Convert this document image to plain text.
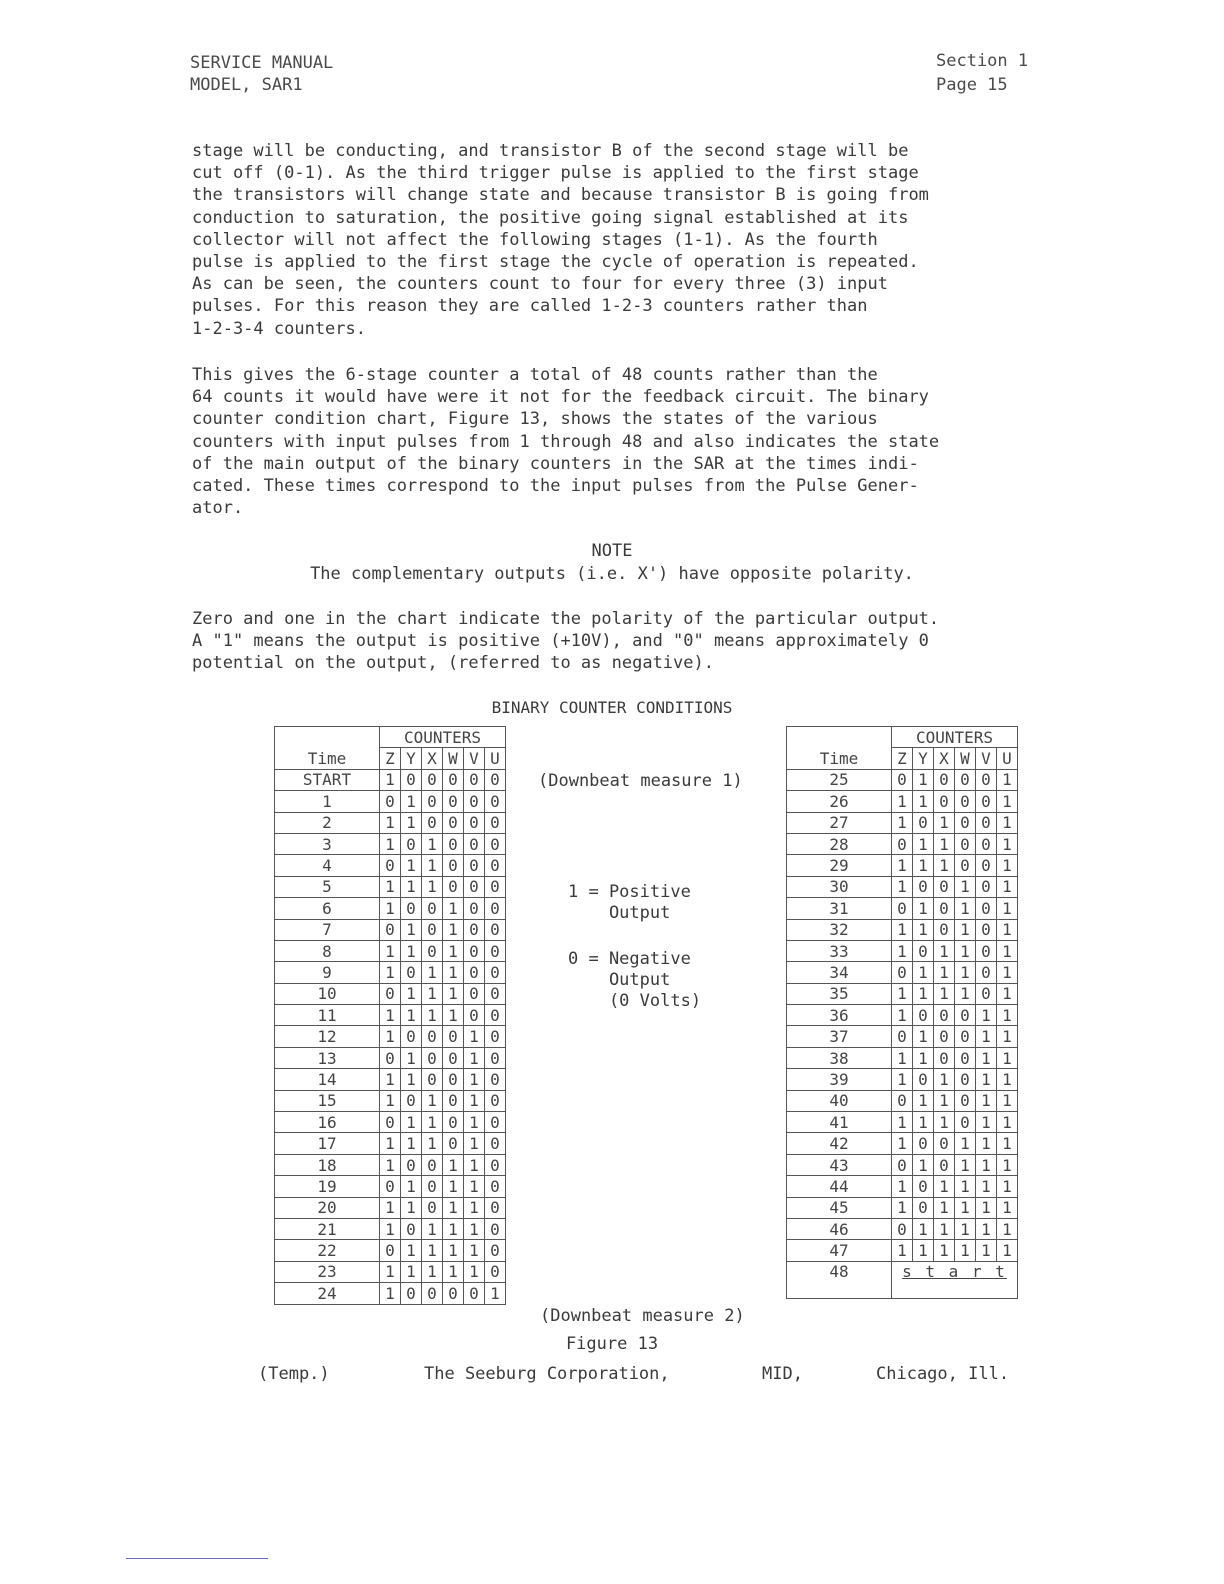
SERVICE MANUAL
MODEL, SAR1
Section 1
Page 15
stage will be conducting, and transistor B of the second stage will be
cut off (0-1). As the third trigger pulse is applied to the first stage
the transistors will change state and because transistor B is going from
conduction to saturation, the positive going signal established at its
collector will not affect the following stages (1-1). As the fourth
pulse is applied to the first stage the cycle of operation is repeated.
As can be seen, the counters count to four for every three (3) input
pulses. For this reason they are called 1-2-3 counters rather than
1-2-3-4 counters.
This gives the 6-stage counter a total of 48 counts rather than the
64 counts it would have were it not for the feedback circuit. The binary
counter condition chart, Figure 13, shows the states of the various
counters with input pulses from 1 through 48 and also indicates the state
of the main output of the binary counters in the SAR at the times indi-
cated. These times correspond to the input pulses from the Pulse Gener-
ator.
NOTE
The complementary outputs (i.e. X') have opposite polarity.
Zero and one in the chart indicate the polarity of the particular output.
A "1" means the output is positive (+10V), and "0" means approximately 0
potential on the output, (referred to as negative).
BINARY COUNTER CONDITIONS
	COUNTERS					
Time	Z	Y	X	W	V	U
START	1	0	0	0	0	0
1	0	1	0	0	0	0
2	1	1	0	0	0	0
3	1	0	1	0	0	0
4	0	1	1	0	0	0
5	1	1	1	0	0	0
6	1	0	0	1	0	0
7	0	1	0	1	0	0
8	1	1	0	1	0	0
9	1	0	1	1	0	0
10	0	1	1	1	0	0
11	1	1	1	1	0	0
12	1	0	0	0	1	0
13	0	1	0	0	1	0
14	1	1	0	0	1	0
15	1	0	1	0	1	0
16	0	1	1	0	1	0
17	1	1	1	0	1	0
18	1	0	0	1	1	0
19	0	1	0	1	1	0
20	1	1	0	1	1	0
21	1	0	1	1	1	0
22	0	1	1	1	1	0
23	1	1	1	1	1	0
24	1	0	0	0	0	1
	COUNTERS					
Time	Z	Y	X	W	V	U
25	0	1	0	0	0	1
26	1	1	0	0	0	1
27	1	0	1	0	0	1
28	0	1	1	0	0	1
29	1	1	1	0	0	1
30	1	0	0	1	0	1
31	0	1	0	1	0	1
32	1	1	0	1	0	1
33	1	0	1	1	0	1
34	0	1	1	1	0	1
35	1	1	1	1	0	1
36	1	0	0	0	1	1
37	0	1	0	0	1	1
38	1	1	0	0	1	1
39	1	0	1	0	1	1
40	0	1	1	0	1	1
41	1	1	1	0	1	1
42	1	0	0	1	1	1
43	0	1	0	1	1	1
44	1	0	1	1	1	1
45	1	0	1	1	1	1
46	0	1	1	1	1	1
47	1	1	1	1	1	1
48	s t a r t					
(Downbeat measure 1)
1 = Positive
Output
0 = Negative
Output
(0 Volts)
(Downbeat measure 2)
Figure 13
(Temp.)	The Seeburg Corporation,	MID,	Chicago, Ill.
